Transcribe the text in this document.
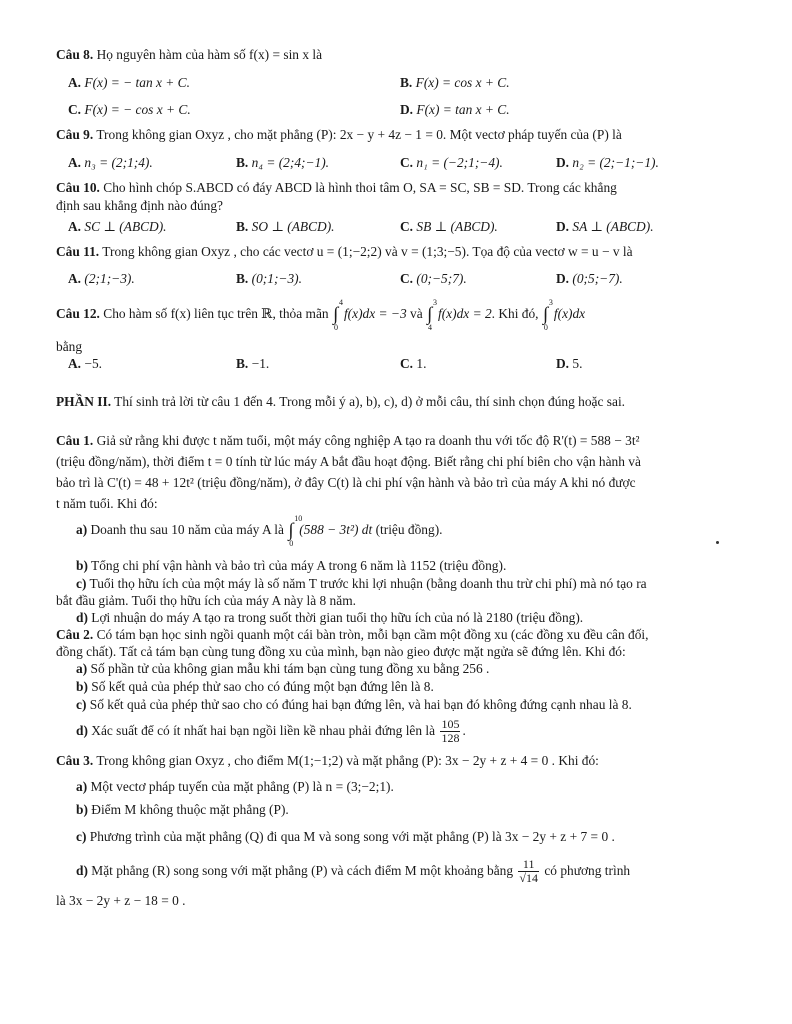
Câu 8. Họ nguyên hàm của hàm số f(x) = sin x là
A. F(x) = − tan x + C.	B. F(x) = cos x + C.
C. F(x) = − cos x + C.	D. F(x) = tan x + C.
Câu 9. Trong không gian Oxyz , cho mặt phẳng (P): 2x − y + 4z − 1 = 0. Một vectơ pháp tuyến của (P) là
A. n₃ = (2;1;4).	B. n₄ = (2;4;−1).	C. n₁ = (−2;1;−4).	D. n₂ = (2;−1;−1).
Câu 10. Cho hình chóp S.ABCD có đáy ABCD là hình thoi tâm O, SA = SC, SB = SD. Trong các khẳng
định sau khẳng định nào đúng?
A. SC ⊥ (ABCD).	B. SO ⊥ (ABCD).	C. SB ⊥ (ABCD).	D. SA ⊥ (ABCD).
Câu 11. Trong không gian Oxyz , cho các vectơ u = (1;−2;2) và v = (1;3;−5). Tọa độ của vectơ w = u − v là
A. (2;1;−3).	B. (0;1;−3).	C. (0;−5;7).	D. (0;5;−7).
Câu 12. Cho hàm số f(x) liên tục trên ℝ, thỏa mãn ∫
4
0
f(x)dx = −3 và ∫
3
4
f(x)dx = 2. Khi đó, ∫
3
0
f(x)dx
bằng
A. −5.	B. −1.	C. 1.	D. 5.
PHẦN II. Thí sinh trả lời từ câu 1 đến 4. Trong mỗi ý a), b), c), d) ở mỗi câu, thí sinh chọn đúng hoặc sai.
Câu 1. Giả sử rằng khi được t năm tuổi, một máy công nghiệp A tạo ra doanh thu với tốc độ R'(t) = 588 − 3t²
(triệu đồng/năm), thời điểm t = 0 tính từ lúc máy A bắt đầu hoạt động. Biết rằng chi phí biên cho vận hành và
bảo trì là C'(t) = 48 + 12t² (triệu đồng/năm), ở đây C(t) là chi phí vận hành và bảo trì của máy A khi nó được
t năm tuổi. Khi đó:
a) Doanh thu sau 10 năm của máy A là ∫
10
0
(588 − 3t²) dt (triệu đồng).
b) Tổng chi phí vận hành và bảo trì của máy A trong 6 năm là 1152 (triệu đồng).
c) Tuổi thọ hữu ích của một máy là số năm T trước khi lợi nhuận (bằng doanh thu trừ chi phí) mà nó tạo ra
bắt đầu giảm. Tuổi thọ hữu ích của máy A này là 8 năm.
d) Lợi nhuận do máy A tạo ra trong suốt thời gian tuổi thọ hữu ích của nó là 2180 (triệu đồng).
Câu 2. Có tám bạn học sinh ngồi quanh một cái bàn tròn, mỗi bạn cầm một đồng xu (các đồng xu đều cân đối,
đồng chất). Tất cả tám bạn cùng tung đồng xu của mình, bạn nào gieo được mặt ngửa sẽ đứng lên. Khi đó:
a) Số phần tử của không gian mẫu khi tám bạn cùng tung đồng xu bằng 256 .
b) Số kết quả của phép thử sao cho có đúng một bạn đứng lên là 8.
c) Số kết quả của phép thử sao cho có đúng hai bạn đứng lên, và hai bạn đó không đứng cạnh nhau là 8.
d) Xác suất để có ít nhất hai bạn ngồi liền kề nhau phải đứng lên là $\frac{105}{128}$ .
Câu 3. Trong không gian Oxyz , cho điểm M(1;−1;2) và mặt phẳng (P): 3x − 2y + z + 4 = 0 . Khi đó:
a) Một vectơ pháp tuyến của mặt phẳng (P) là n = (3;−2;1).
b) Điểm M không thuộc mặt phẳng (P).
c) Phương trình của mặt phẳng (Q) đi qua M và song song với mặt phẳng (P) là 3x − 2y + z + 7 = 0 .
d) Mặt phẳng (R) song song với mặt phẳng (P) và cách điểm M một khoảng bằng $\frac{11}{√14}$ có phương trình
là 3x − 2y + z − 18 = 0 .
